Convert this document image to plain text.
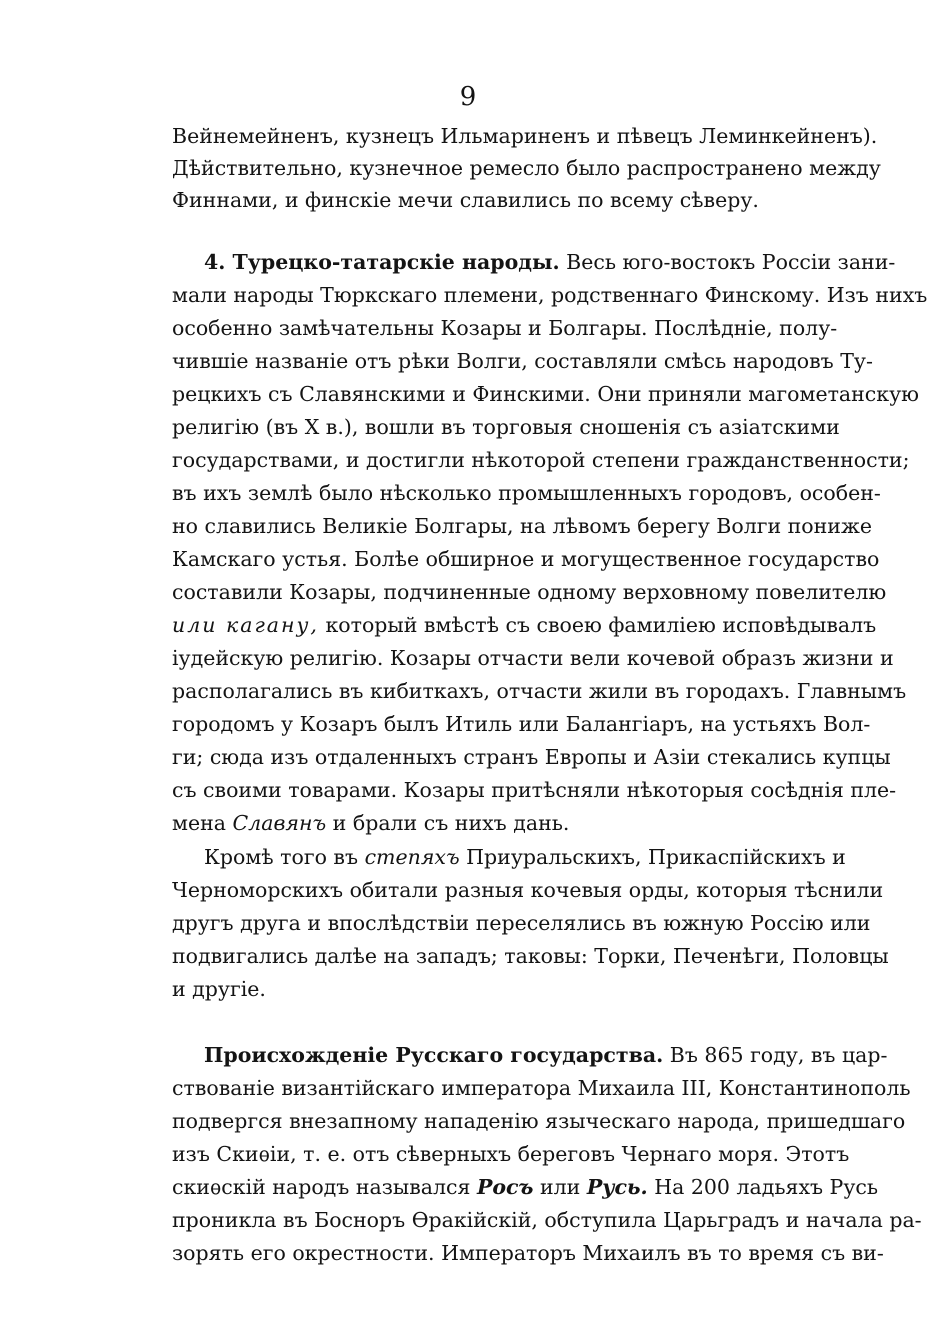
9
Вейнемейненъ, кузнецъ Ильмариненъ и пѣвецъ Леминкейненъ).
Дѣйствительно, кузнечное ремесло было распространено между
Финнами, и финскіе мечи славились по всему сѣверу.
4. Турецко-татарскіе народы. Весь юго-востокъ Россіи зани-
мали народы Тюркскаго племени, родственнаго Финскому. Изъ нихъ
особенно замѣчательны Козары и Болгары. Послѣдніе, полу-
чившіе названіе отъ рѣки Волги, составляли смѣсь народовъ Ту-
рецкихъ съ Славянскими и Финскими. Они приняли магометанскую
религію (въ X в.), вошли въ торговыя сношенія съ азіатскими
государствами, и достигли нѣкоторой степени гражданственности;
въ ихъ землѣ было нѣсколько промышленныхъ городовъ, особен-
но славились Великіе Болгары, на лѣвомъ берегу Волги пониже
Камскаго устья. Болѣе обширное и могущественное государство
составили Козары, подчиненные одному верховному повелителю
или кагану, который вмѣстѣ съ своею фамиліею исповѣдывалъ
іудейскую религію. Козары отчасти вели кочевой образъ жизни и
располагались въ кибиткахъ, отчасти жили въ городахъ. Главнымъ
городомъ у Козаръ былъ Итиль или Балангіаръ, на устьяхъ Вол-
ги; сюда изъ отдаленныхъ странъ Европы и Азіи стекались купцы
съ своими товарами. Козары притѣсняли нѣкоторыя сосѣднія пле-
мена Славянъ и брали съ нихъ дань.
Кромѣ того въ степяхъ Приуральскихъ, Прикаспійскихъ и
Черноморскихъ обитали разныя кочевыя орды, которыя тѣснили
другъ друга и впослѣдствіи переселялись въ южную Россію или
подвигались далѣе на западъ; таковы: Торки, Печенѣги, Половцы
и другіе.
Происхожденіе Русскаго государства. Въ 865 году, въ цар-
ствованіе византійскаго императора Михаила III, Константинополь
подвергся внезапному нападенію языческаго народа, пришедшаго
изъ Скиѳіи, т. е. отъ сѣверныхъ береговъ Чернаго моря. Этотъ
скиѳскій народъ назывался Росъ или Русь. На 200 ладьяхъ Русь
проникла въ Босноръ Ѳракійскій, обступила Царьградъ и начала ра-
зорять его окрестности. Императоръ Михаилъ въ то время съ ви-
